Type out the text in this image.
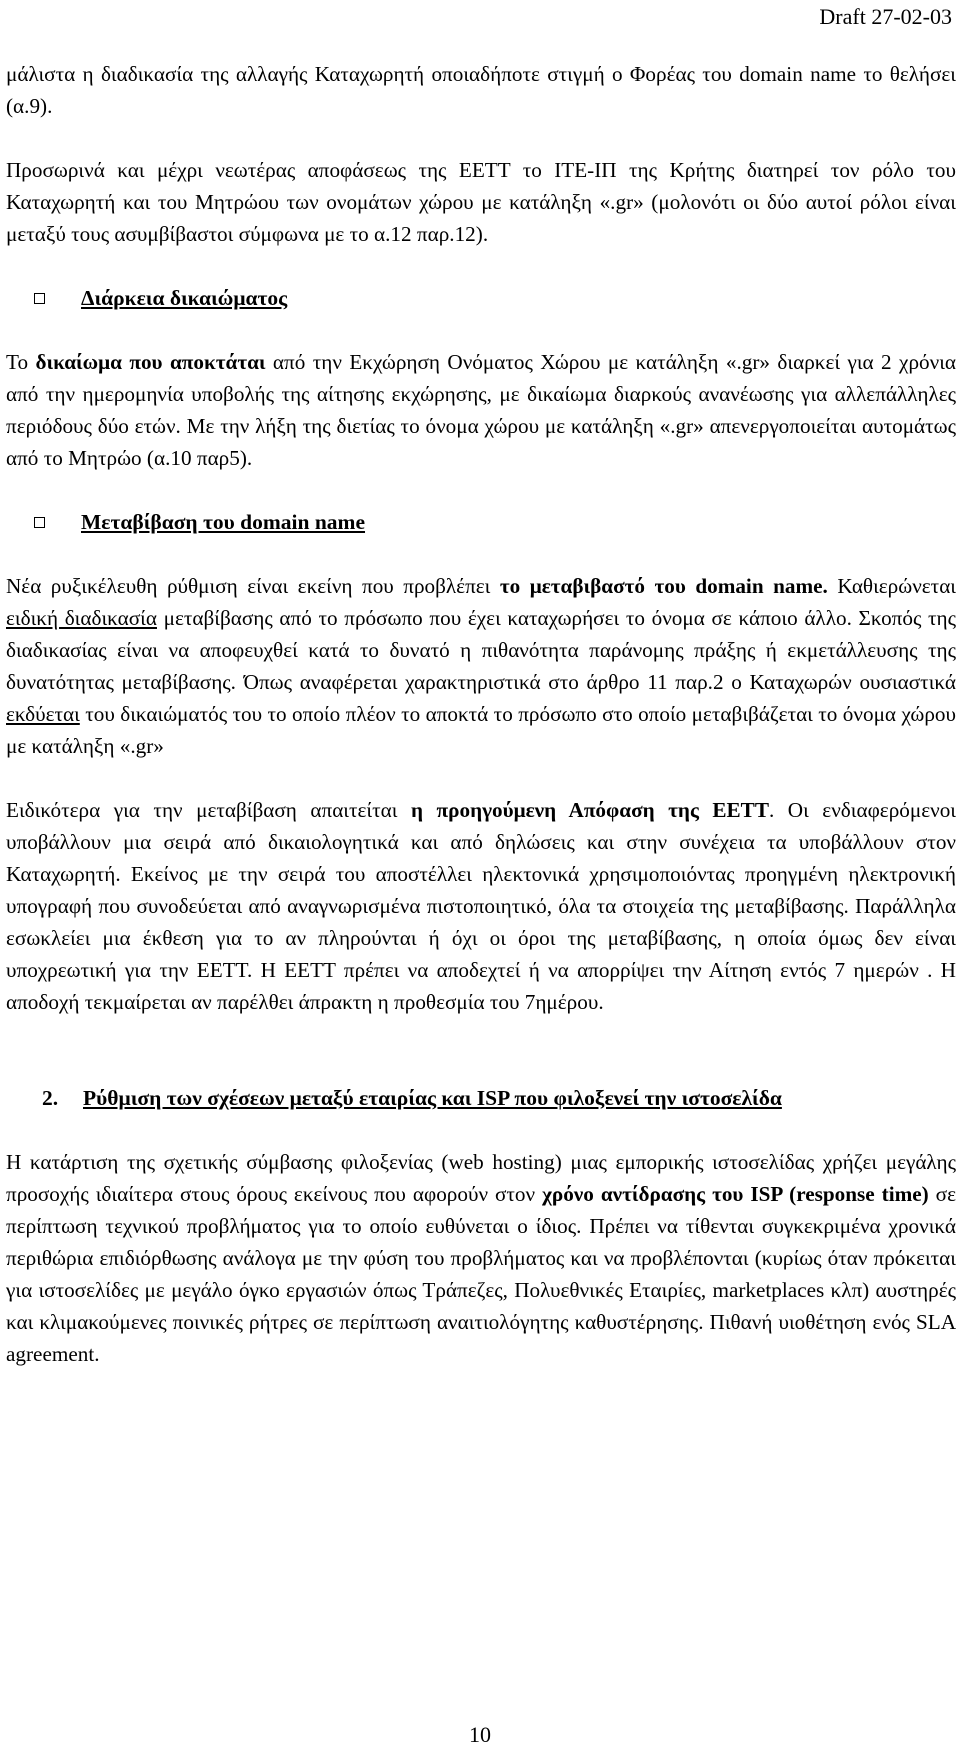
Draft 27-02-03

μάλιστα η διαδικασία της αλλαγής Καταχωρητή οποιαδήποτε στιγμή ο Φορέας του domain name το θελήσει (α.9).

Προσωρινά και μέχρι νεωτέρας αποφάσεως της ΕΕΤΤ το ΙΤΕ-ΙΠ της Κρήτης διατηρεί τον ρόλο του Καταχωρητή και του Μητρώου των ονομάτων χώρου με κατάληξη «.gr» (μολονότι οι δύο αυτοί ρόλοι είναι μεταξύ τους ασυμβίβαστοι σύμφωνα με το α.12 παρ.12).

Διάρκεια δικαιώματος

Το δικαίωμα που αποκτάται από την Εκχώρηση Ονόματος Χώρου με κατάληξη «.gr» διαρκεί για 2 χρόνια από την ημερομηνία υποβολής της αίτησης εκχώρησης, με δικαίωμα διαρκούς ανανέωσης για αλλεπάλληλες περιόδους δύο ετών. Με την λήξη της διετίας το όνομα χώρου με κατάληξη «.gr» απενεργοποιείται αυτομάτως από το Μητρώο (α.10 παρ5).

Μεταβίβαση του domain name

Νέα ρυξικέλευθη ρύθμιση είναι εκείνη που προβλέπει το μεταβιβαστό του domain name. Καθιερώνεται ειδική διαδικασία μεταβίβασης από το πρόσωπο που έχει καταχωρήσει το όνομα σε κάποιο άλλο. Σκοπός της διαδικασίας είναι να αποφευχθεί κατά το δυνατό η πιθανότητα παράνομης πράξης ή εκμετάλλευσης της δυνατότητας μεταβίβασης. Όπως αναφέρεται χαρακτηριστικά στο άρθρο 11 παρ.2 ο Καταχωρών ουσιαστικά εκδύεται του δικαιώματός του το οποίο πλέον το αποκτά το πρόσωπο στο οποίο μεταβιβάζεται το όνομα χώρου με κατάληξη «.gr»

Ειδικότερα για την μεταβίβαση απαιτείται η προηγούμενη Απόφαση της ΕΕΤΤ. Οι ενδιαφερόμενοι υποβάλλουν μια σειρά από δικαιολογητικά και από δηλώσεις και στην συνέχεια τα υποβάλλουν στον Καταχωρητή. Εκείνος με την σειρά του αποστέλλει ηλεκτονικά χρησιμοποιόντας προηγμένη ηλεκτρονική υπογραφή που συνοδεύεται από αναγνωρισμένα πιστοποιητικό, όλα τα στοιχεία της μεταβίβασης. Παράλληλα εσωκλείει μια έκθεση για το αν πληρούνται ή όχι οι όροι της μεταβίβασης, η οποία όμως δεν είναι υποχρεωτική για την ΕΕΤΤ. Η ΕΕΤΤ πρέπει να αποδεχτεί ή να απορρίψει την Αίτηση εντός 7 ημερών . Η αποδοχή τεκμαίρεται αν παρέλθει άπρακτη η προθεσμία του 7ημέρου.

2.	Ρύθμιση των σχέσεων μεταξύ εταιρίας και ISP που φιλοξενεί την ιστοσελίδα

Η κατάρτιση της σχετικής σύμβασης φιλοξενίας (web hosting) μιας εμπορικής ιστοσελίδας χρήζει μεγάλης προσοχής ιδιαίτερα στους όρους εκείνους που αφορούν στον χρόνο αντίδρασης του ISP (response time) σε περίπτωση τεχνικού προβλήματος για το οποίο ευθύνεται ο ίδιος. Πρέπει να τίθενται συγκεκριμένα χρονικά περιθώρια επιδιόρθωσης ανάλογα με την φύση του προβλήματος και να προβλέπονται (κυρίως όταν πρόκειται για ιστοσελίδες με μεγάλο όγκο εργασιών όπως Τράπεζες, Πολυεθνικές Εταιρίες, marketplaces κλπ) αυστηρές και κλιμακούμενες ποινικές ρήτρες σε περίπτωση αναιτιολόγητης καθυστέρησης. Πιθανή υιοθέτηση ενός SLA agreement.

10
